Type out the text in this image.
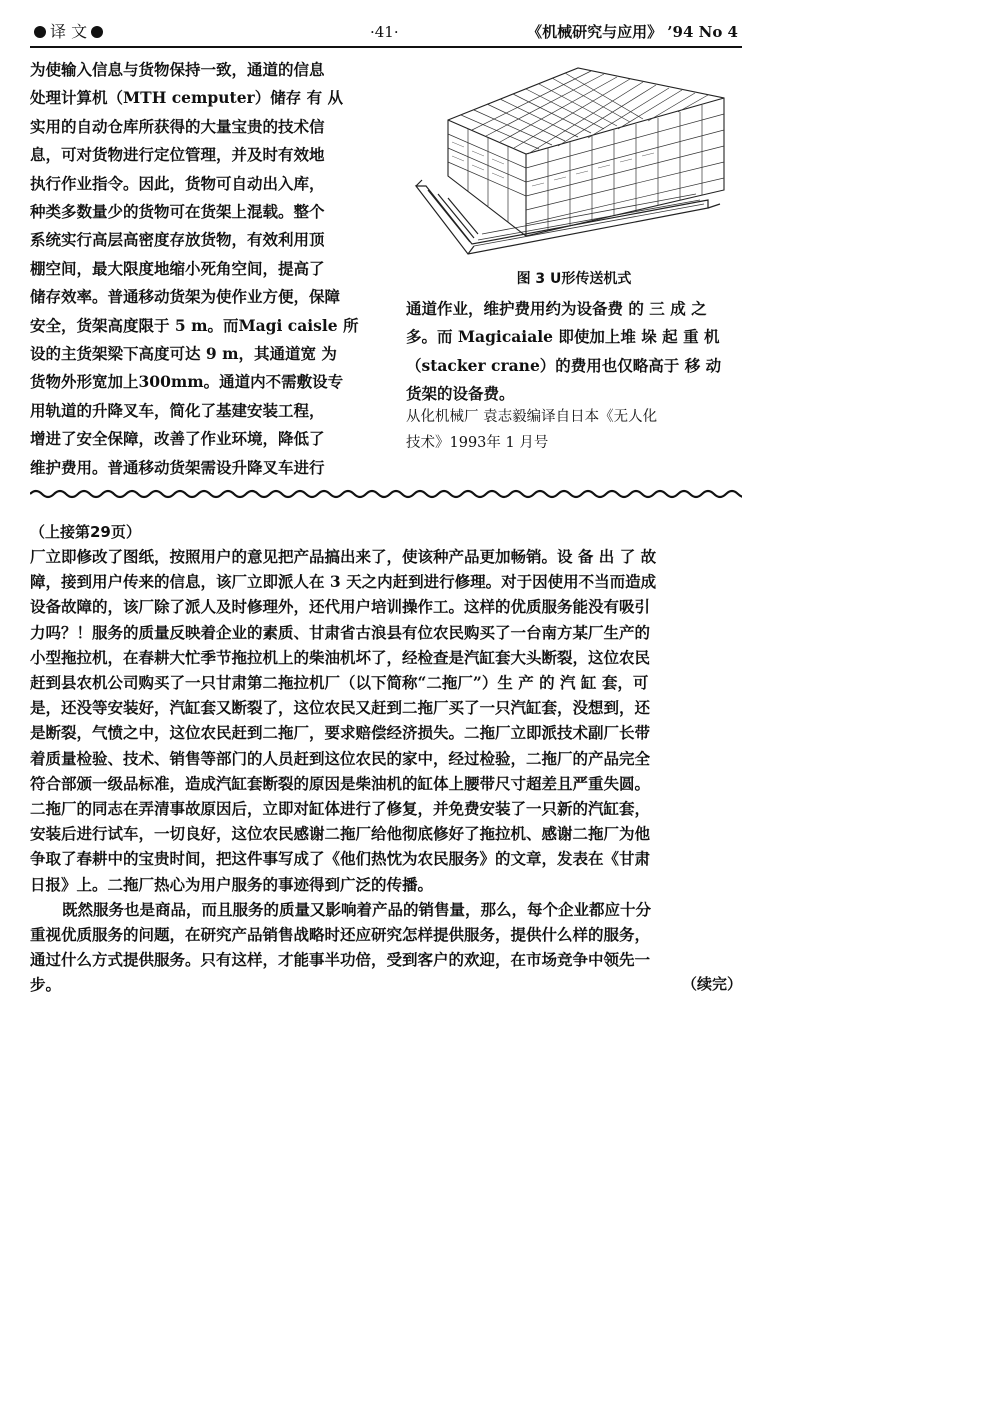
译 文	·41·	《机械研究与应用》 ’94 No 4
为使输入信息与货物保持一致，通道的信息
处理计算机（MTH cemputer）储存 有 从
实用的自动仓库所获得的大量宝贵的技术信
息，可对货物进行定位管理，并及时有效地
执行作业指令。因此，货物可自动出入库，
种类多数量少的货物可在货架上混载。整个
系统实行高层高密度存放货物，有效利用顶
棚空间，最大限度地缩小死角空间，提高了
储存效率。普通移动货架为使作业方便，保障
安全，货架高度限于 5 m。而Magi caisle 所
设的主货架梁下高度可达 9 m，其通道宽 为
货物外形宽加上300mm。通道内不需敷设专
用轨道的升降叉车，简化了基建安装工程，
增进了安全保障，改善了作业环境，降低了
维护费用。普通移动货架需设升降叉车进行
图 3 U形传送机式
通道作业，维护费用约为设备费 的 三 成 之
多。而 Magicaiale 即使加上堆 垛 起 重 机
（stacker crane）的费用也仅略高于 移 动
货架的设备费。
从化机械厂 袁志毅编译自日本《无人化
技术》1993年 1 月号
（上接第29页）
厂立即修改了图纸，按照用户的意见把产品搞出来了，使该种产品更加畅销。设 备 出 了 故
障，接到用户传来的信息，该厂立即派人在 3 天之内赶到进行修理。对于因使用不当而造成
设备故障的，该厂除了派人及时修理外，还代用户培训操作工。这样的优质服务能没有吸引
力吗？！服务的质量反映着企业的素质、甘肃省古浪县有位农民购买了一台南方某厂生产的
小型拖拉机，在春耕大忙季节拖拉机上的柴油机坏了，经检查是汽缸套大头断裂，这位农民
赶到县农机公司购买了一只甘肃第二拖拉机厂（以下简称“二拖厂”）生 产 的 汽 缸 套，可
是，还没等安装好，汽缸套又断裂了，这位农民又赶到二拖厂买了一只汽缸套，没想到，还
是断裂，气愤之中，这位农民赶到二拖厂，要求赔偿经济损失。二拖厂立即派技术副厂长带
着质量检验、技术、销售等部门的人员赶到这位农民的家中，经过检验，二拖厂的产品完全
符合部颁一级品标准，造成汽缸套断裂的原因是柴油机的缸体上腰带尺寸超差且严重失圆。
二拖厂的同志在弄清事故原因后，立即对缸体进行了修复，并免费安装了一只新的汽缸套，
安装后进行试车，一切良好，这位农民感谢二拖厂给他彻底修好了拖拉机、感谢二拖厂为他
争取了春耕中的宝贵时间，把这件事写成了《他们热忱为农民服务》的文章，发表在《甘肃
日报》上。二拖厂热心为用户服务的事迹得到广泛的传播。
既然服务也是商品，而且服务的质量又影响着产品的销售量，那么，每个企业都应十分
重视优质服务的问题，在研究产品销售战略时还应研究怎样提供服务，提供什么样的服务，
通过什么方式提供服务。只有这样，才能事半功倍，受到客户的欢迎，在市场竞争中领先一
步。	（续完）
